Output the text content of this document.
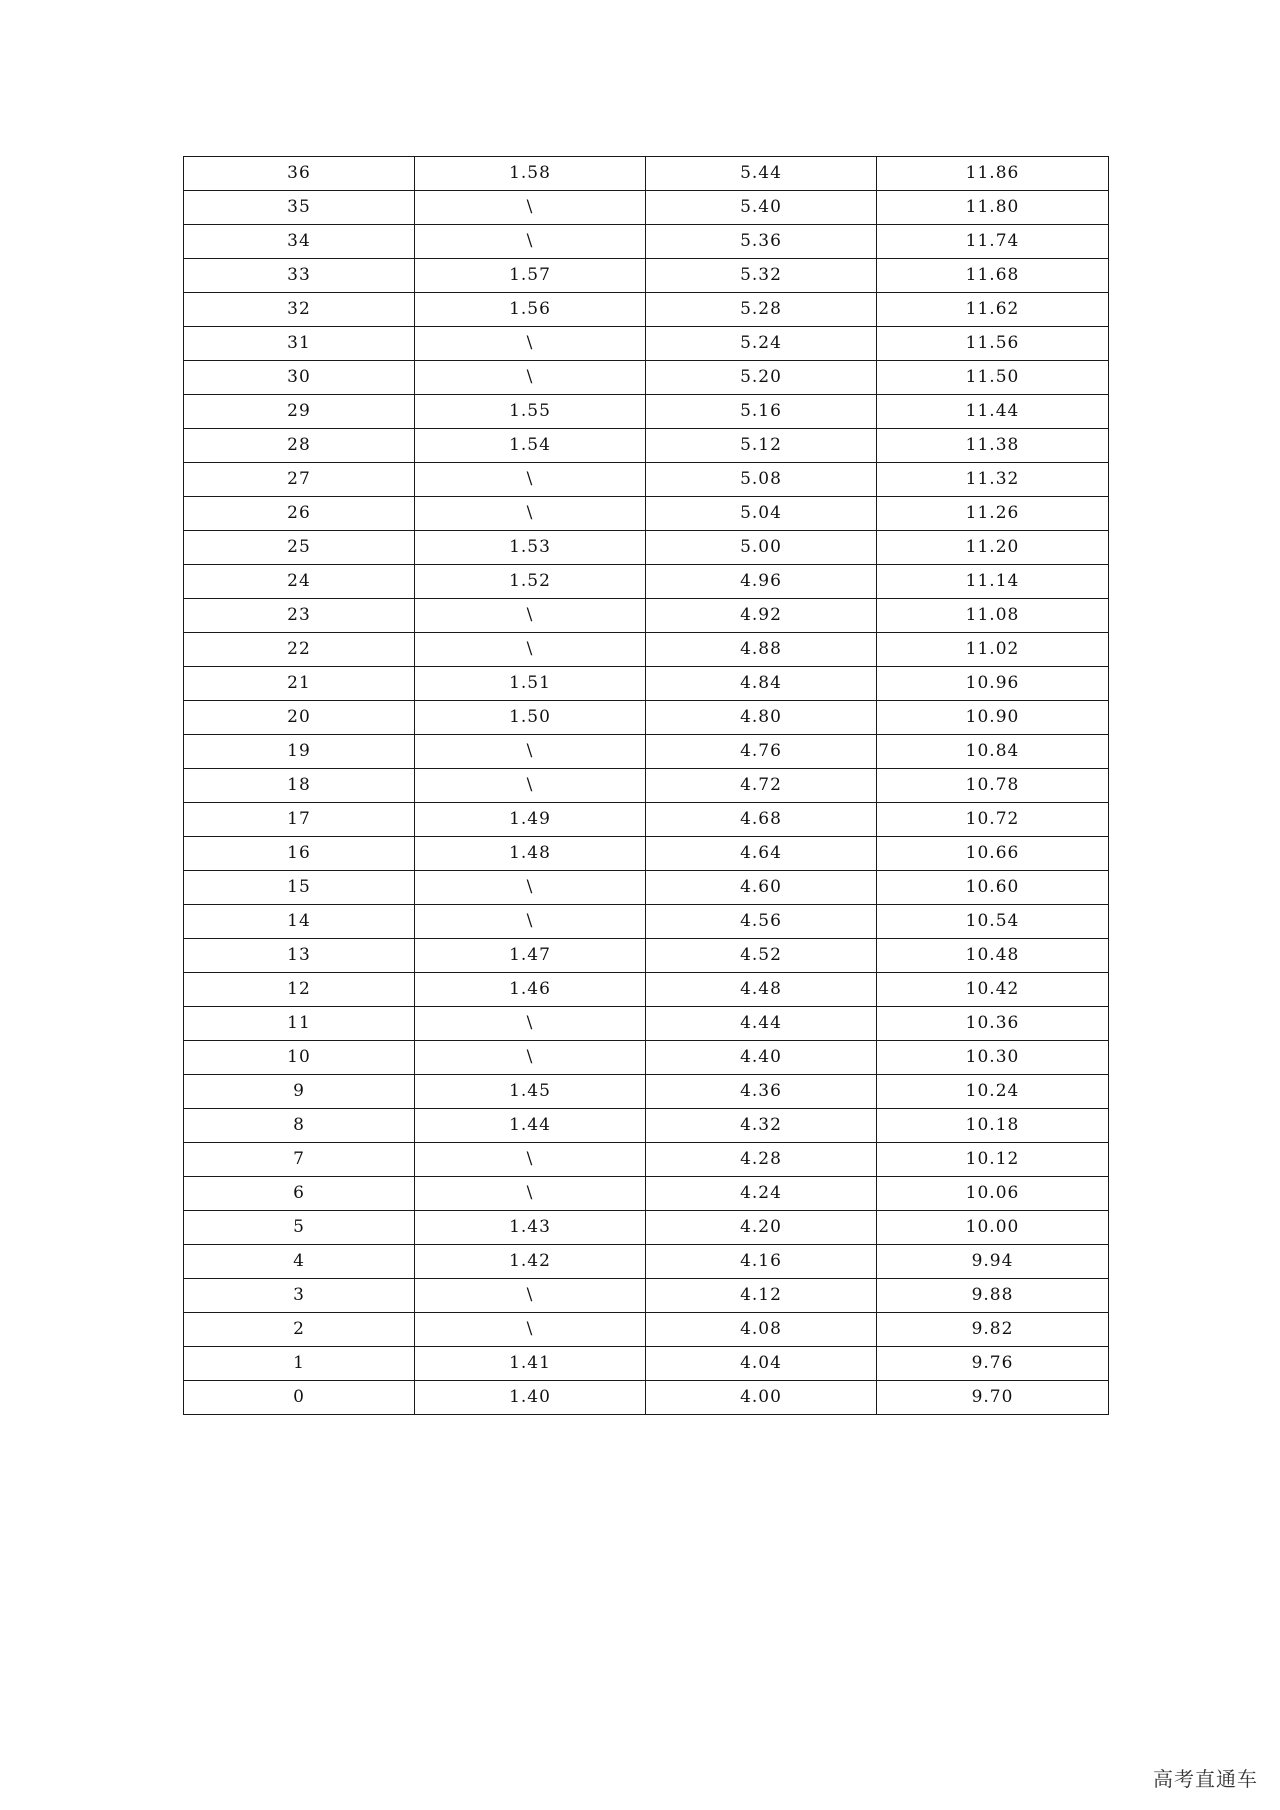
36	1.58	5.44	11.86
35	\	5.40	11.80
34	\	5.36	11.74
33	1.57	5.32	11.68
32	1.56	5.28	11.62
31	\	5.24	11.56
30	\	5.20	11.50
29	1.55	5.16	11.44
28	1.54	5.12	11.38
27	\	5.08	11.32
26	\	5.04	11.26
25	1.53	5.00	11.20
24	1.52	4.96	11.14
23	\	4.92	11.08
22	\	4.88	11.02
21	1.51	4.84	10.96
20	1.50	4.80	10.90
19	\	4.76	10.84
18	\	4.72	10.78
17	1.49	4.68	10.72
16	1.48	4.64	10.66
15	\	4.60	10.60
14	\	4.56	10.54
13	1.47	4.52	10.48
12	1.46	4.48	10.42
11	\	4.44	10.36
10	\	4.40	10.30
9	1.45	4.36	10.24
8	1.44	4.32	10.18
7	\	4.28	10.12
6	\	4.24	10.06
5	1.43	4.20	10.00
4	1.42	4.16	9.94
3	\	4.12	9.88
2	\	4.08	9.82
1	1.41	4.04	9.76
0	1.40	4.00	9.70
高考直通车
